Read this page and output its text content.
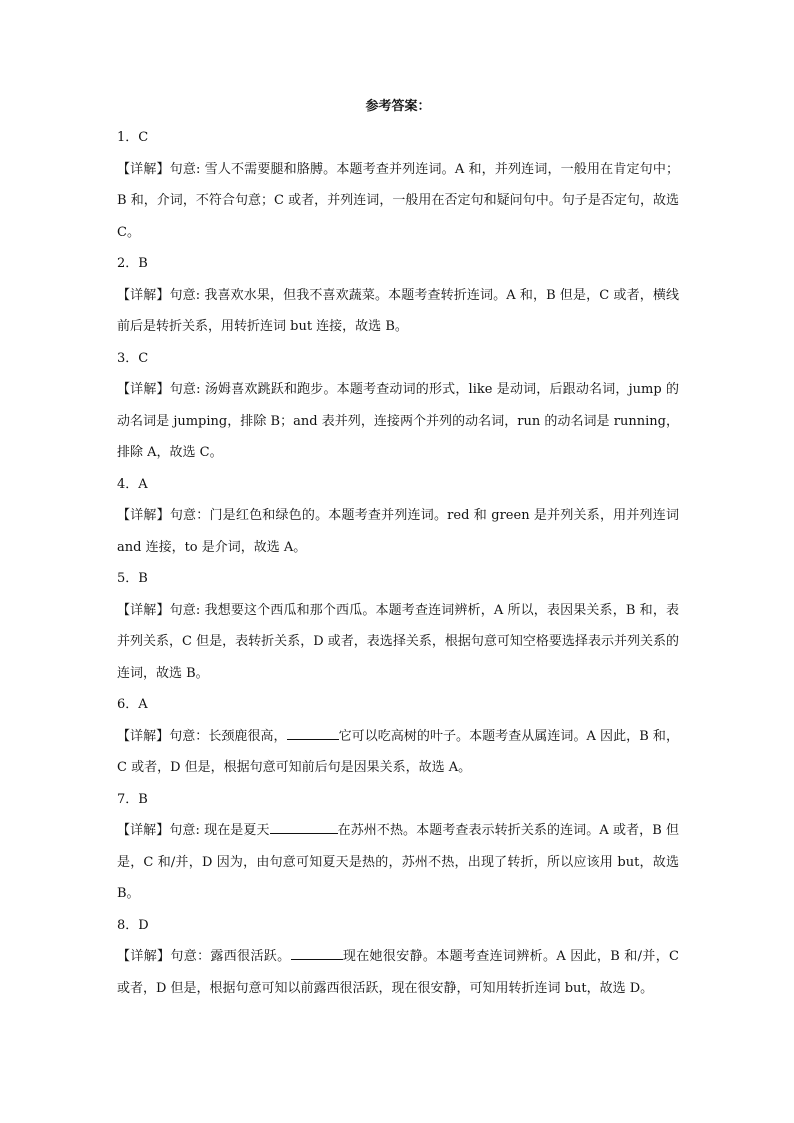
参考答案：

1．C

【详解】句意: 雪人不需要腿和胳膊。本题考查并列连词。A 和，并列连词，一般用在肯定句中；B 和，介词，不符合句意；C 或者，并列连词，一般用在否定句和疑问句中。句子是否定句，故选 C。

2．B

【详解】句意: 我喜欢水果，但我不喜欢蔬菜。本题考查转折连词。A 和，B 但是，C 或者，横线前后是转折关系，用转折连词 but 连接，故选 B。

3．C

【详解】句意: 汤姆喜欢跳跃和跑步。本题考查动词的形式，like 是动词，后跟动名词，jump 的动名词是 jumping，排除 B；and 表并列，连接两个并列的动名词，run 的动名词是 running，排除 A，故选 C。

4．A

【详解】句意：门是红色和绿色的。本题考查并列连词。red 和 green 是并列关系，用并列连词 and 连接，to 是介词，故选 A。

5．B

【详解】句意: 我想要这个西瓜和那个西瓜。本题考查连词辨析，A 所以，表因果关系，B 和，表并列关系，C 但是，表转折关系，D 或者，表选择关系，根据句意可知空格要选择表示并列关系的连词，故选 B。

6．A

【详解】句意：长颈鹿很高，	它可以吃高树的叶子。本题考查从属连词。A 因此，B 和，C 或者，D 但是，根据句意可知前后句是因果关系，故选 A。

7．B

【详解】句意: 现在是夏天	在苏州不热。本题考查表示转折关系的连词。A 或者，B 但是，C 和/并，D 因为，由句意可知夏天是热的，苏州不热，出现了转折，所以应该用 but，故选 B。

8．D

【详解】句意：露西很活跃。	现在她很安静。本题考查连词辨析。A 因此，B 和/并，C 或者，D 但是，根据句意可知以前露西很活跃，现在很安静，可知用转折连词 but，故选 D。
